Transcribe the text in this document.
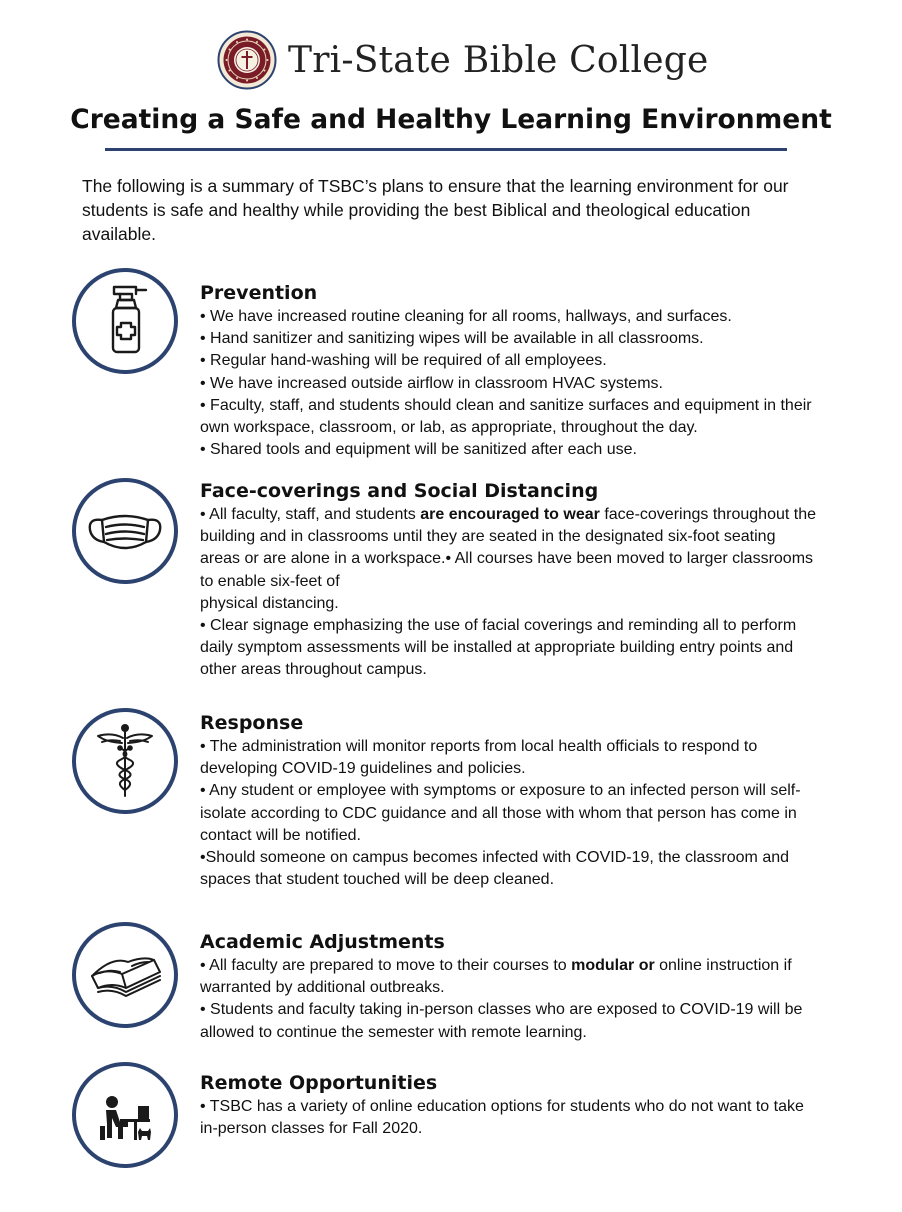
Tri-State Bible College
Creating a Safe and Healthy Learning Environment
The following is a summary of TSBC’s plans to ensure that the learning environment for our students is safe and healthy while providing the best Biblical and theological education available.
Prevention
• We have increased routine cleaning for all rooms, hallways, and surfaces.
• Hand sanitizer and sanitizing wipes will be available in all classrooms.
• Regular hand-washing will be required of all employees.
• We have increased outside airflow in classroom HVAC systems.
• Faculty, staff, and students should clean and sanitize surfaces and equipment in their own workspace, classroom, or lab, as appropriate, throughout the day.
• Shared tools and equipment will be sanitized after each use.
Face-coverings and Social Distancing
• All faculty, staff, and students are encouraged to wear face-coverings throughout the building and in classrooms until they are seated in the designated six-foot seating areas or are alone in a workspace.• All courses have been moved to larger classrooms to enable six-feet of
physical distancing.
• Clear signage emphasizing the use of facial coverings and reminding all to perform daily symptom assessments will be installed at appropriate building entry points and other areas throughout campus.
Response
• The administration will monitor reports from local health officials to respond to developing COVID-19 guidelines and policies.
• Any student or employee with symptoms or exposure to an infected person will self-isolate according to CDC guidance and all those with whom that person has come in contact will be notified.
•Should someone on campus becomes infected with COVID-19, the classroom and spaces that student touched will be deep cleaned.
Academic Adjustments
• All faculty are prepared to move to their courses to modular or online instruction if warranted by additional outbreaks.
• Students and faculty taking in-person classes who are exposed to COVID-19 will be allowed to continue the semester with remote learning.
Remote Opportunities
• TSBC has a variety of online education options for students who do not want to take in-person classes for Fall 2020.
